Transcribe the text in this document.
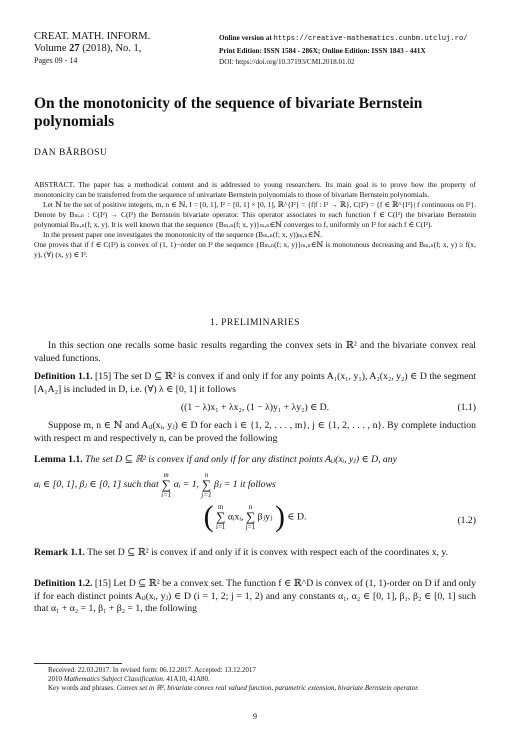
CREAT. MATH. INFORM.
Volume 27 (2018), No. 1,
Pages 09 - 14
Online version at https://creative-mathematics.cunbm.utcluj.ro/
Print Edition: ISSN 1584 - 286X; Online Edition: ISSN 1843 - 441X
DOI: https://doi.org/10.37193/CMI.2018.01.02
On the monotonicity of the sequence of bivariate Bernstein polynomials
DAN BĂRBOSU

ABSTRACT. The paper has a methodical content and is addressed to young researchers. Its main goal is to prove how the property of monotonicity can be transferred from the sequence of univariate Bernstein polynomials to those of bivariate Bernstein polynomials.

Let ℕ be the set of positive integers, m, n ∈ ℕ, I = [0, 1], I² = [0, 1] × [0, 1], ℝ^{I²} = {f|f : I² → ℝ}, C(I²) = {f ∈ ℝ^{I²}| f continuous on I²}. Denote by Bₘ,ₙ : C(I²) → C(I²) the Bernstein bivariate operator. This operator associates to each function f ∈ C(I²) the bivariate Bernstein polynomial Bₘ,ₙ(f; x, y). It is well known that the sequence {Bₘ,ₙ(f; x, y)}ₘ,ₙ∈ℕ converges to f, uniformly on I² for each f ∈ C(I²).

In the present paper one investigates the monotonicity of the sequence (Bₘ,ₙ(f; x, y))ₘ,ₙ∈ℕ.

One proves that if f ∈ C(I²) is convex of (1, 1)−order on I² the sequence {Bₘ,ₙ(f; x, y)}ₘ,ₙ∈ℕ is monotonous decreasing and Bₘ,ₙ(f; x, y) ≥ f(x, y), (∀) (x, y) ∈ I².

1. PRELIMINARIES

In this section one recalls some basic results regarding the convex sets in ℝ² and the bivariate convex real valued functions.

Definition 1.1. [15] The set D ⊆ ℝ² is convex if and only if for any points A₁(x₁, y₁), A₂(x₂, y₂) ∈ D the segment [A₁A₂] is included in D, i.e. (∀) λ ∈ [0, 1] it follows

((1 − λ)x₁ + λx₂, (1 − λ)y₁ + λy₂) ∈ D.	(1.1)

Suppose m, n ∈ ℕ and Aᵢⱼ(xᵢ, yⱼ) ∈ D for each i ∈ {1, 2, . . . , m}, j ∈ {1, 2, . . . , n}. By complete induction with respect m and respectively n, can be proved the following

Lemma 1.1. The set D ⊆ ℝ² is convex if and only if for any distinct points Aᵢⱼ(xᵢ, yⱼ) ∈ D, any

αᵢ ∈ [0, 1], βⱼ ∈ [0, 1] such that m
∑
i=1 αᵢ = 1, n
∑
j=1 βⱼ = 1 it follows

( m
∑
i=1 αᵢxᵢ, n
∑
j=1 βⱼyⱼ ) ∈ D.	(1.2)

Remark 1.1. The set D ⊆ ℝ² is convex if and only if it is convex with respect each of the coordinates x, y.

Definition 1.2. [15] Let D ⊆ ℝ² be a convex set. The function f ∈ ℝ^D is convex of (1, 1)-order on D if and only if for each distinct points Aᵢⱼ(xᵢ, yⱼ) ∈ D (i = 1, 2; j = 1, 2) and any constants α₁, α₂ ∈ [0, 1], β₁, β₂ ∈ [0, 1] such that α₁ + α₂ = 1, β₁ + β₂ = 1, the following

Received: 22.03.2017. In revised form: 06.12.2017. Accepted: 13.12.2017

2010 Mathematics Subject Classification. 41A10, 41A80.

Key words and phrases. Convex set in ℝ², bivariate convex real valued function, parametric extension, bivariate Bernstein operator.

9
